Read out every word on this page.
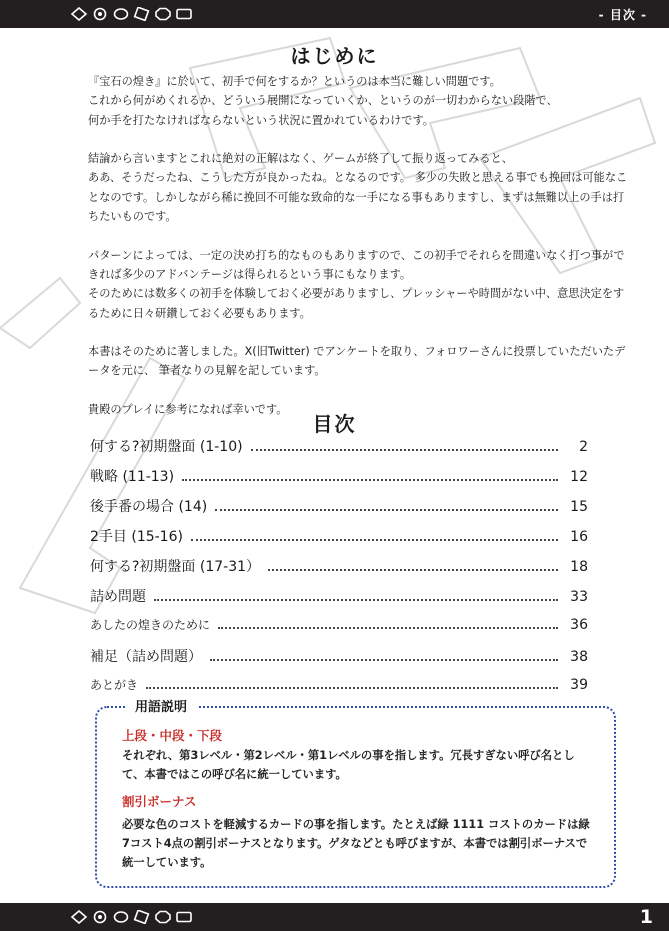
- 目次 -
はじめに

『宝石の煌き』に於いて、初手で何をするか？というのは本当に難しい問題です。

これから何がめくれるか、どういう展開になっていくか、というのが一切わからない段階で、

何か手を打たなければならないという状況に置かれているわけです。

結論から言いますとこれに絶対の正解はなく、ゲームが終了して振り返ってみると、

ああ、そうだったね、こうした方が良かったね。となるのです。 多少の失敗と思える事でも挽回は可能なことなのです。しかしながら稀に挽回不可能な致命的な一手になる事もありますし、まずは無難以上の手は打ちたいものです。

パターンによっては、一定の決め打ち的なものもありますので、この初手でそれらを間違いなく打つ事ができれば多少のアドバンテージは得られるという事にもなります。

そのためには数多くの初手を体験しておく必要がありますし、プレッシャーや時間がない中、意思決定をするために日々研鑽しておく必要もあります。

本書はそのために著しました。X(旧Twitter) でアンケートを取り、フォロワーさんに投票していただいたデータを元に、 筆者なりの見解を記しています。

貴殿のプレイに参考になれば幸いです。

目次
何する?初期盤面 (1-10)	2
戦略 (11-13)	12
後手番の場合 (14)	15
2手目 (15-16)	16
何する?初期盤面 (17-31）	18
詰め問題	33
あしたの煌きのために	36
補足（詰め問題）	38
あとがき	39
用語説明
上段・中段・下段
それぞれ、第3レベル・第2レベル・第1レベルの事を指します。冗長すぎない呼び名として、本書ではこの呼び名に統一しています。
割引ボーナス
必要な色のコストを軽減するカードの事を指します。たとえば緑 1111 コストのカードは緑7コスト4点の割引ボーナスとなります。ゲタなどとも呼びますが、本書では割引ボーナスで統一しています。
1
